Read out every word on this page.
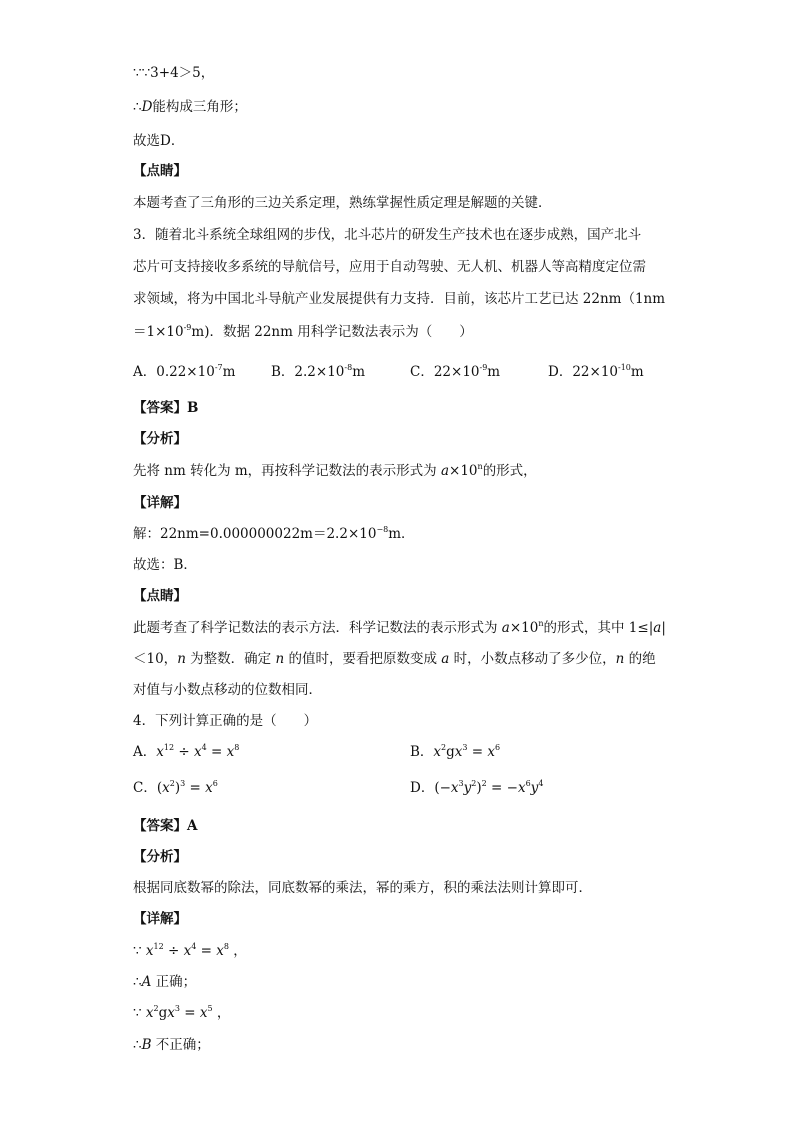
∵∵3+4＞5，
∴D能构成三角形；
故选D．
【点睛】
本题考查了三角形的三边关系定理，熟练掌握性质定理是解题的关键．
3．随着北斗系统全球组网的步伐，北斗芯片的研发生产技术也在逐步成熟，国产北斗
芯片可支持接收多系统的导航信号，应用于自动驾驶、无人机、机器人等高精度定位需
求领域，将为中国北斗导航产业发展提供有力支持．目前，该芯片工艺已达 22nm（1nm
$=1\times 10^{-9}m$)．数据 22nm 用科学记数法表示为（　　）
A．$0.22\times 10^{-7}m$	B．$2.2\times 10^{-8}m$	C．$22\times 10^{-9}m$	D．$22\times 10^{-10}m$
【答案】B
【分析】
先将 nm 转化为 m，再按科学记数法的表示形式为 $a\times 10^n$的形式，
【详解】
解：$22nm=0.000000022m=2.2\times 10^{-8}m$．
故选：B．
【点睛】
此题考查了科学记数法的表示方法．科学记数法的表示形式为 $a\times 10^n$的形式，其中 1≤|a|
＜10，n 为整数．确定 n 的值时，要看把原数变成 a 时，小数点移动了多少位，n 的绝
对值与小数点移动的位数相同．
4．下列计算正确的是（　　）
A．$x^{12} \div x^4 = x^8$	B．$x^2gx^3 = x^6$
C．$(x^2)^3 = x^6$	D．$(-x^3y^2)^2 = -x^6y^4$
【答案】A
【分析】
根据同底数幂的除法，同底数幂的乘法，幂的乘方，积的乘法法则计算即可．
【详解】
∵ $x^{12} \div x^4 = x^8$ ，
∴A 正确；
∵ $x^2gx^3 = x^5$ ，
∴B 不正确；
